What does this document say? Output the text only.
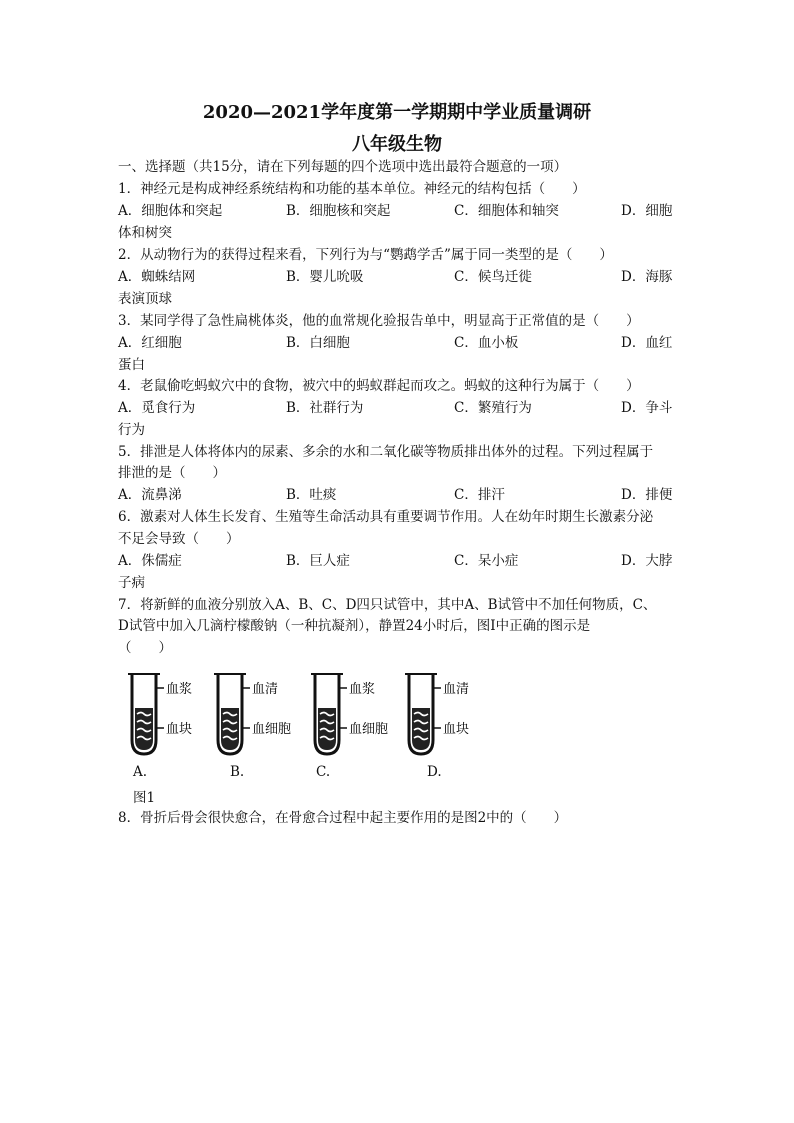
2020—2021学年度第一学期期中学业质量调研
八年级生物
一、选择题（共15分，请在下列每题的四个选项中选出最符合题意的一项）
1．神经元是构成神经系统结构和功能的基本单位。神经元的结构包括（　　）
A．细胞体和突起	B．细胞核和突起	C．细胞体和轴突	D．细胞
体和树突
2．从动物行为的获得过程来看，下列行为与“鹦鹉学舌”属于同一类型的是（　　）
A．蜘蛛结网	B．婴儿吮吸	C．候鸟迁徙	D．海豚
表演顶球
3．某同学得了急性扁桃体炎，他的血常规化验报告单中，明显高于正常值的是（　　）
A．红细胞	B．白细胞	C．血小板	D．血红
蛋白
4．老鼠偷吃蚂蚁穴中的食物，被穴中的蚂蚁群起而攻之。蚂蚁的这种行为属于（　　）
A．觅食行为	B．社群行为	C．繁殖行为	D．争斗
行为
5．排泄是人体将体内的尿素、多余的水和二氧化碳等物质排出体外的过程。下列过程属于
排泄的是（　　）
A．流鼻涕	B．吐痰	C．排汗	D．排便
6．激素对人体生长发育、生殖等生命活动具有重要调节作用。人在幼年时期生长激素分泌
不足会导致（　　）
A．侏儒症	B．巨人症	C．呆小症	D．大脖
子病
7．将新鲜的血液分别放入A、B、C、D四只试管中，其中A、B试管中不加任何物质，C、
D试管中加入几滴柠檬酸钠（一种抗凝剂），静置24小时后，图Ⅰ中正确的图示是
（　　）
血浆
血块
A.
血清
血细胞
B.
血浆
血细胞
C.
血清
血块
D.
图1
8．骨折后骨会很快愈合，在骨愈合过程中起主要作用的是图2中的（　　）
